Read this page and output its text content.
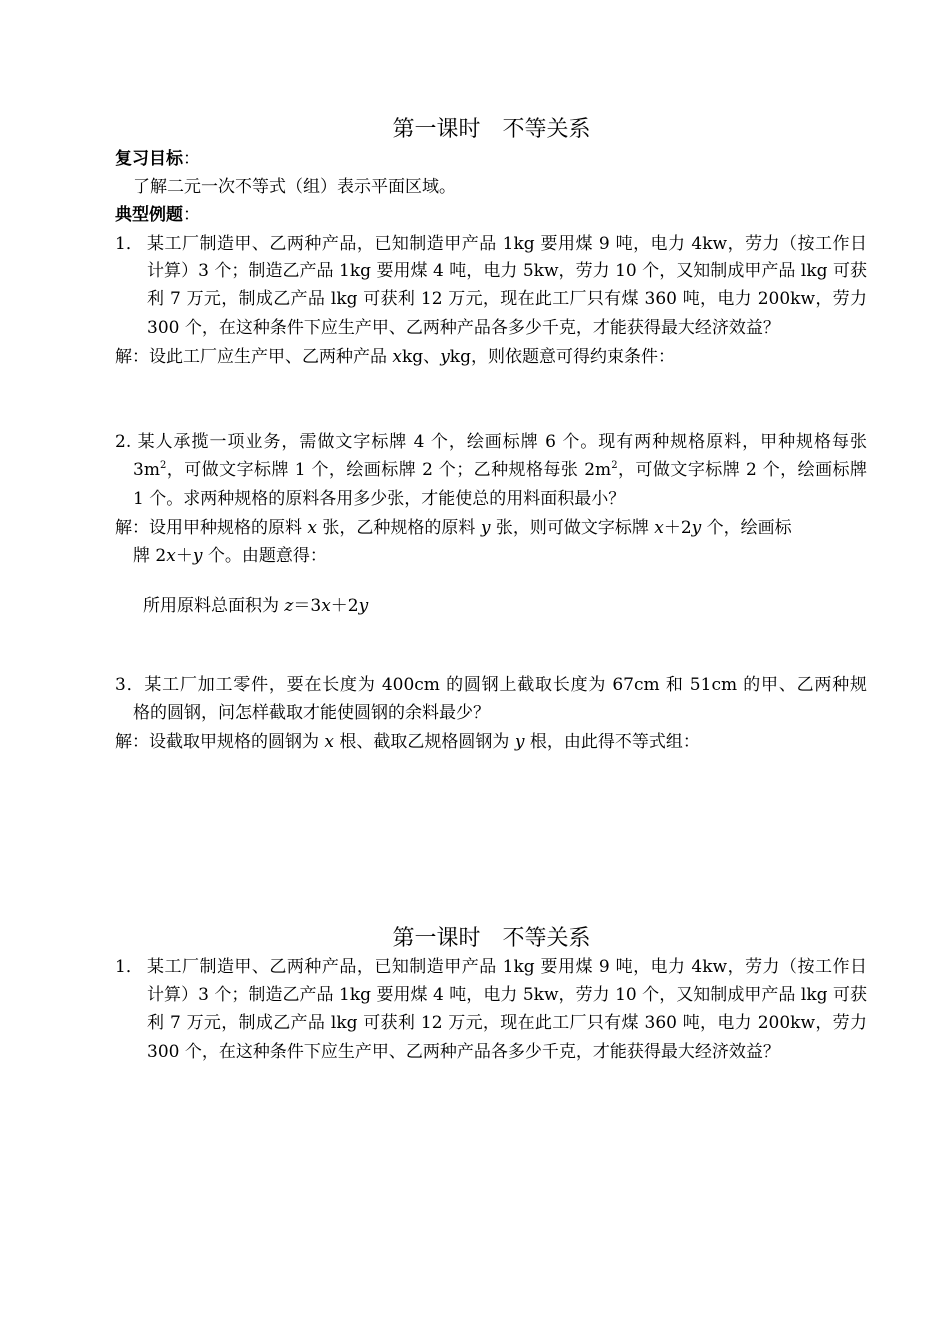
第一课时　不等关系
复习目标：
了解二元一次不等式（组）表示平面区域。
典型例题：
1． 某工厂制造甲、乙两种产品，已知制造甲产品 1kg 要用煤 9 吨，电力 4kw，劳力（按工作日
计算）3 个；制造乙产品 1kg 要用煤 4 吨，电力 5kw，劳力 10 个，又知制成甲产品 lkg 可获
利 7 万元，制成乙产品 lkg 可获利 12 万元，现在此工厂只有煤 360 吨，电力 200kw，劳力
300 个，在这种条件下应生产甲、乙两种产品各多少千克，才能获得最大经济效益？
解：设此工厂应生产甲、乙两种产品 xkg、ykg，则依题意可得约束条件：
2. 某人承揽一项业务，需做文字标牌 4 个，绘画标牌 6 个。现有两种规格原料，甲种规格每张
$3m^2$，可做文字标牌 1 个，绘画标牌 2 个；乙种规格每张 $2m^2$，可做文字标牌 2 个，绘画标牌
1 个。求两种规格的原料各用多少张，才能使总的用料面积最小？
解：设用甲种规格的原料 x 张，乙种规格的原料 y 张，则可做文字标牌 x＋2y 个，绘画标
牌 2x＋y 个。由题意得：
所用原料总面积为 z＝3x＋2y
3．某工厂加工零件，要在长度为 400cm 的圆钢上截取长度为 67cm 和 51cm 的甲、乙两种规
格的圆钢，问怎样截取才能使圆钢的余料最少？
解：设截取甲规格的圆钢为 x 根、截取乙规格圆钢为 y 根，由此得不等式组：
第一课时　不等关系
1． 某工厂制造甲、乙两种产品，已知制造甲产品 1kg 要用煤 9 吨，电力 4kw，劳力（按工作日
计算）3 个；制造乙产品 1kg 要用煤 4 吨，电力 5kw，劳力 10 个，又知制成甲产品 lkg 可获
利 7 万元，制成乙产品 lkg 可获利 12 万元，现在此工厂只有煤 360 吨，电力 200kw，劳力
300 个，在这种条件下应生产甲、乙两种产品各多少千克，才能获得最大经济效益？
